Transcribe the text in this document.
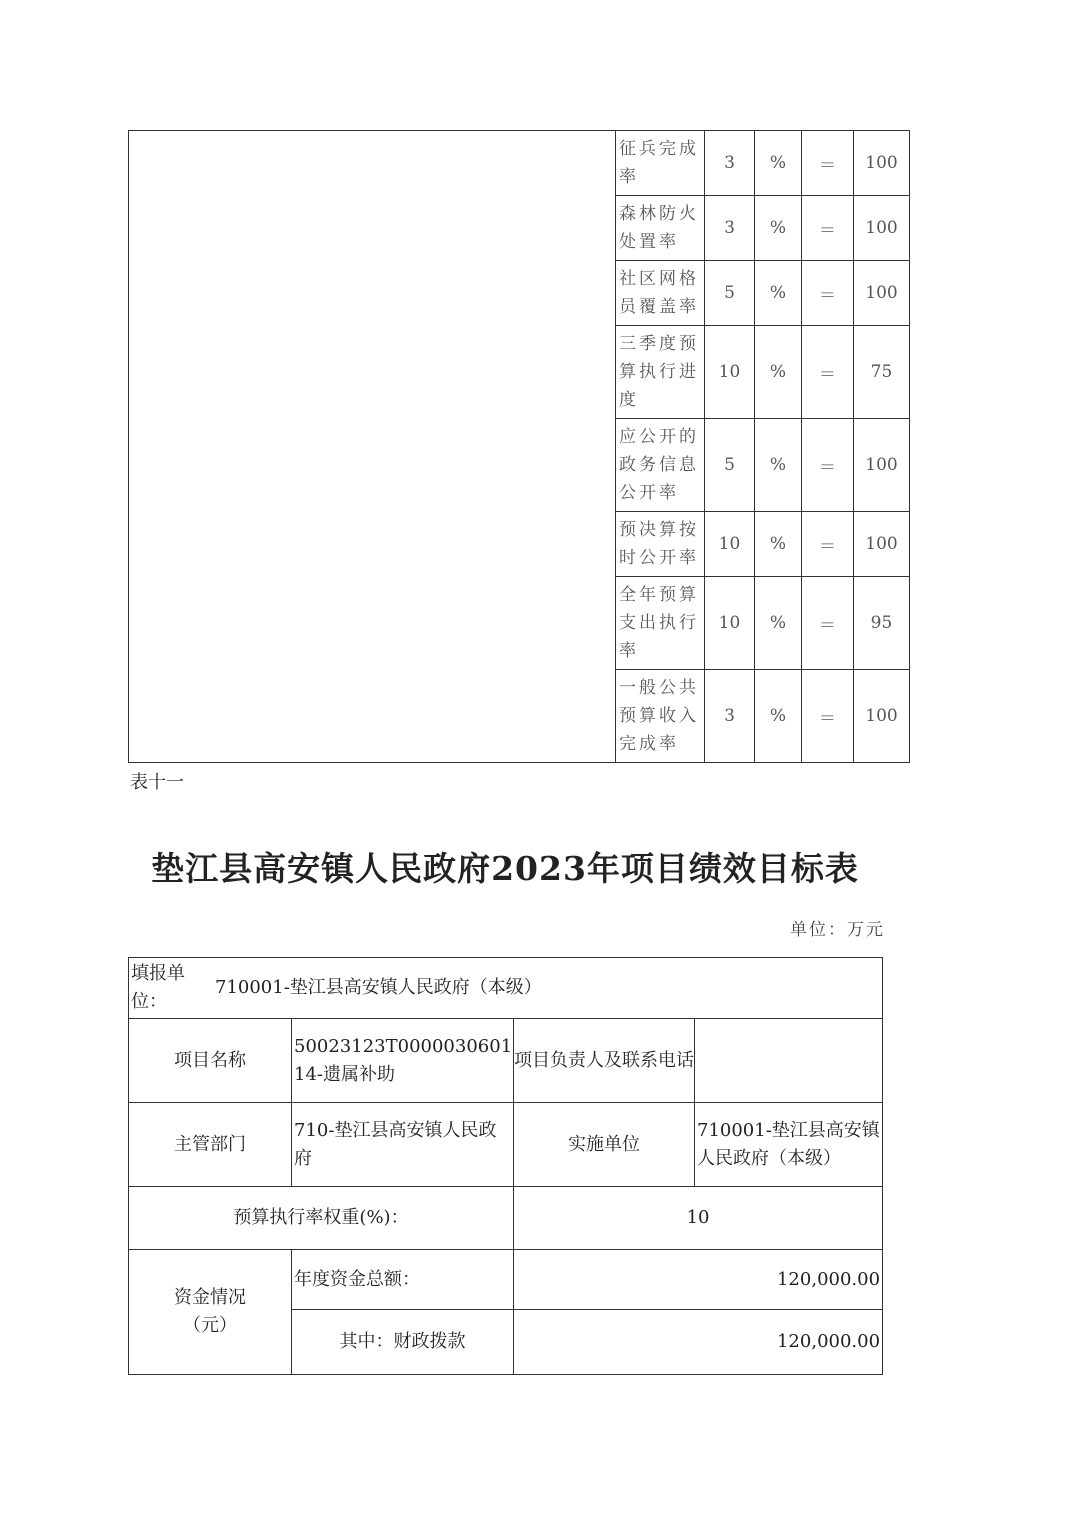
	征兵完成率	3	%	＝	100
	森林防火处置率	3	%	＝	100
	社区网格员覆盖率	5	%	＝	100
	三季度预算执行进度	10	%	＝	75
	应公开的政务信息公开率	5	%	＝	100
	预决算按时公开率	10	%	＝	100
	全年预算支出执行率	10	%	＝	95
	一般公共预算收入完成率	3	%	＝	100
表十一
垫江县高安镇人民政府2023年项目绩效目标表
单位：万元
填报单位：
710001-垫江县高安镇人民政府（本级）			

项目名称	50023123T000003060114-遗属补助	项目负责人及联系电话	
主管部门	710-垫江县高安镇人民政府	实施单位	710001-垫江县高安镇人民政府（本级）
预算执行率权重(%)：		10	

资金情况（元）	年度资金总额：	120,000.00	
	其中：财政拨款	120,000.00	
